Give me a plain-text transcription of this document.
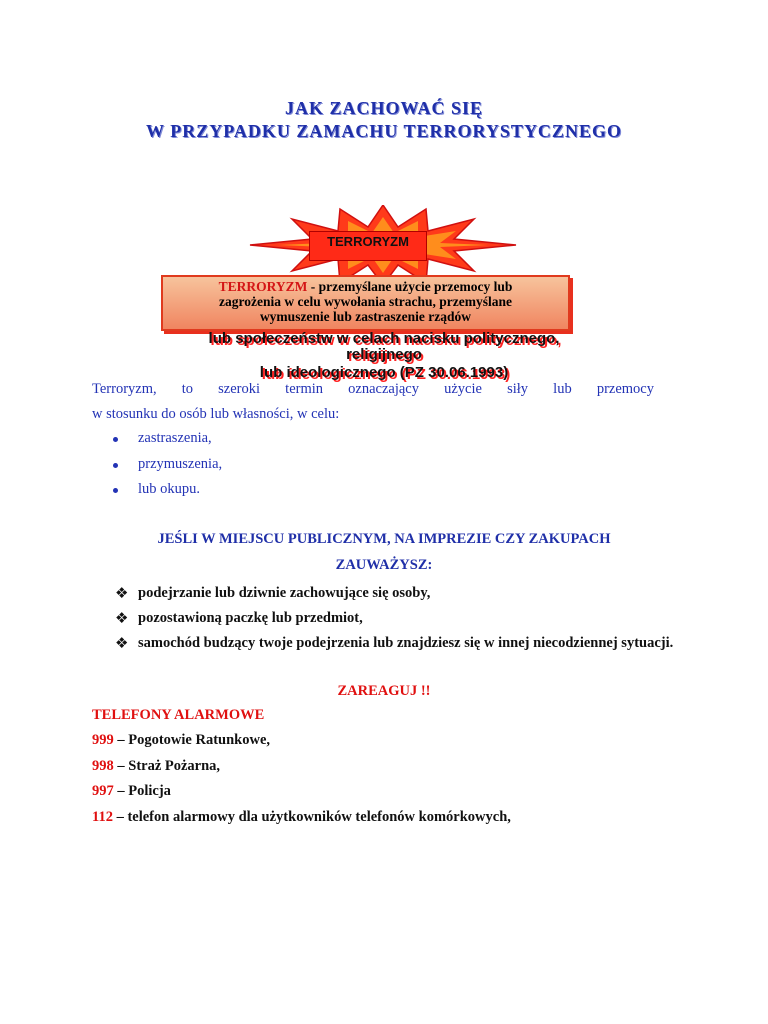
JAK ZACHOWAĆ SIĘ
W PRZYPADKU ZAMACHU TERRORYSTYCZNEGO
TERRORYZM
TERRORYZM - przemyślane użycie przemocy lub
zagrożenia w celu wywołania strachu, przemyślane
wymuszenie lub zastraszenie rządów
lub społeczeństw w celach nacisku politycznego,
religijnego
lub ideologicznego (PZ 30.06.1993)
Terroryzm, to szeroki termin oznaczający użycie siły lub przemocy
w stosunku do osób lub własności, w celu:
zastraszenia,
przymuszenia,
lub okupu.
JEŚLI W MIEJSCU PUBLICZNYM, NA IMPREZIE CZY ZAKUPACH
ZAUWAŻYSZ:
❖ podejrzanie lub dziwnie zachowujące się osoby,
❖ pozostawioną paczkę lub przedmiot,
❖ samochód budzący twoje podejrzenia lub znajdziesz się w innej niecodziennej sytuacji.
ZAREAGUJ !!
TELEFONY ALARMOWE
999 – Pogotowie Ratunkowe,
998 – Straż Pożarna,
997 – Policja
112 – telefon alarmowy dla użytkowników telefonów komórkowych,
